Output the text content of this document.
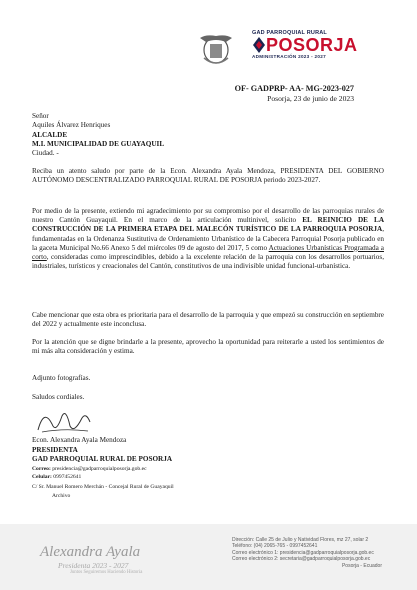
GAD PARROQUIAL RURAL
POSORJA
ADMINISTRACIÓN 2023 - 2027
OF- GADPRP- AA- MG-2023-027
Posorja, 23 de junio de 2023
Señor
Aquiles Álvarez Henriques
ALCALDE
M.I. MUNICIPALIDAD DE GUAYAQUIL
Ciudad. -

Reciba un atento saludo por parte de la Econ. Alexandra Ayala Mendoza, PRESIDENTA DEL GOBIERNO AUTÓNOMO DESCENTRALIZADO PARROQUIAL RURAL DE POSORJA periodo 2023-2027.

Por medio de la presente, extiendo mi agradecimiento por su compromiso por el desarrollo de las parroquias rurales de nuestro Cantón Guayaquil. En el marco de la articulación multinivel, solicito EL REINICIO DE LA CONSTRUCCIÓN DE LA PRIMERA ETAPA DEL MALECÓN TURÍSTICO DE LA PARROQUIA POSORJA, fundamentadas en la Ordenanza Sustitutiva de Ordenamiento Urbanístico de la Cabecera Parroquial Posorja publicado en la gaceta Municipal No.66 Anexo 5 del miércoles 09 de agosto del 2017, 5 como Actuaciones Urbanísticas Programada a corto, consideradas como imprescindibles, debido a la excelente relación de la parroquia con los desarrollos portuarios, industriales, turísticos y creacionales del Cantón, constitutivos de una indivisible unidad funcional-urbanística.

Cabe mencionar que esta obra es prioritaria para el desarrollo de la parroquia y que empezó su construcción en septiembre del 2022 y actualmente este inconclusa.

Por la atención que se digne brindarle a la presente, aprovecho la oportunidad para reiterarle a usted los sentimientos de mi más alta consideración y estima.

Adjunto fotografías.
Saludos cordiales.
Econ. Alexandra Ayala Mendoza
PRESIDENTA
GAD PARROQUIAL RURAL DE POSORJA
Correo: presidencia@gadparroquialposorja.gob.ec
Celular: 0997452641
C/ Sr. Manuel Romero Merchán - Concejal Rural de Guayaquil
Archivo
Alexandra Ayala
Presidenta 2023 - 2027
Juntos Seguiremos Haciendo Historia
Dirección: Calle 25 de Julio y Natividad Flores, mz 27, solar 2
Teléfono: (04) 2065-765 - 0997452641
Correo electrónico 1: presidencia@gadparroquialposorja.gob.ec
Correo electrónico 2: secretaria@gadparroquialposorja.gob.ec
Posorja - Ecuador
